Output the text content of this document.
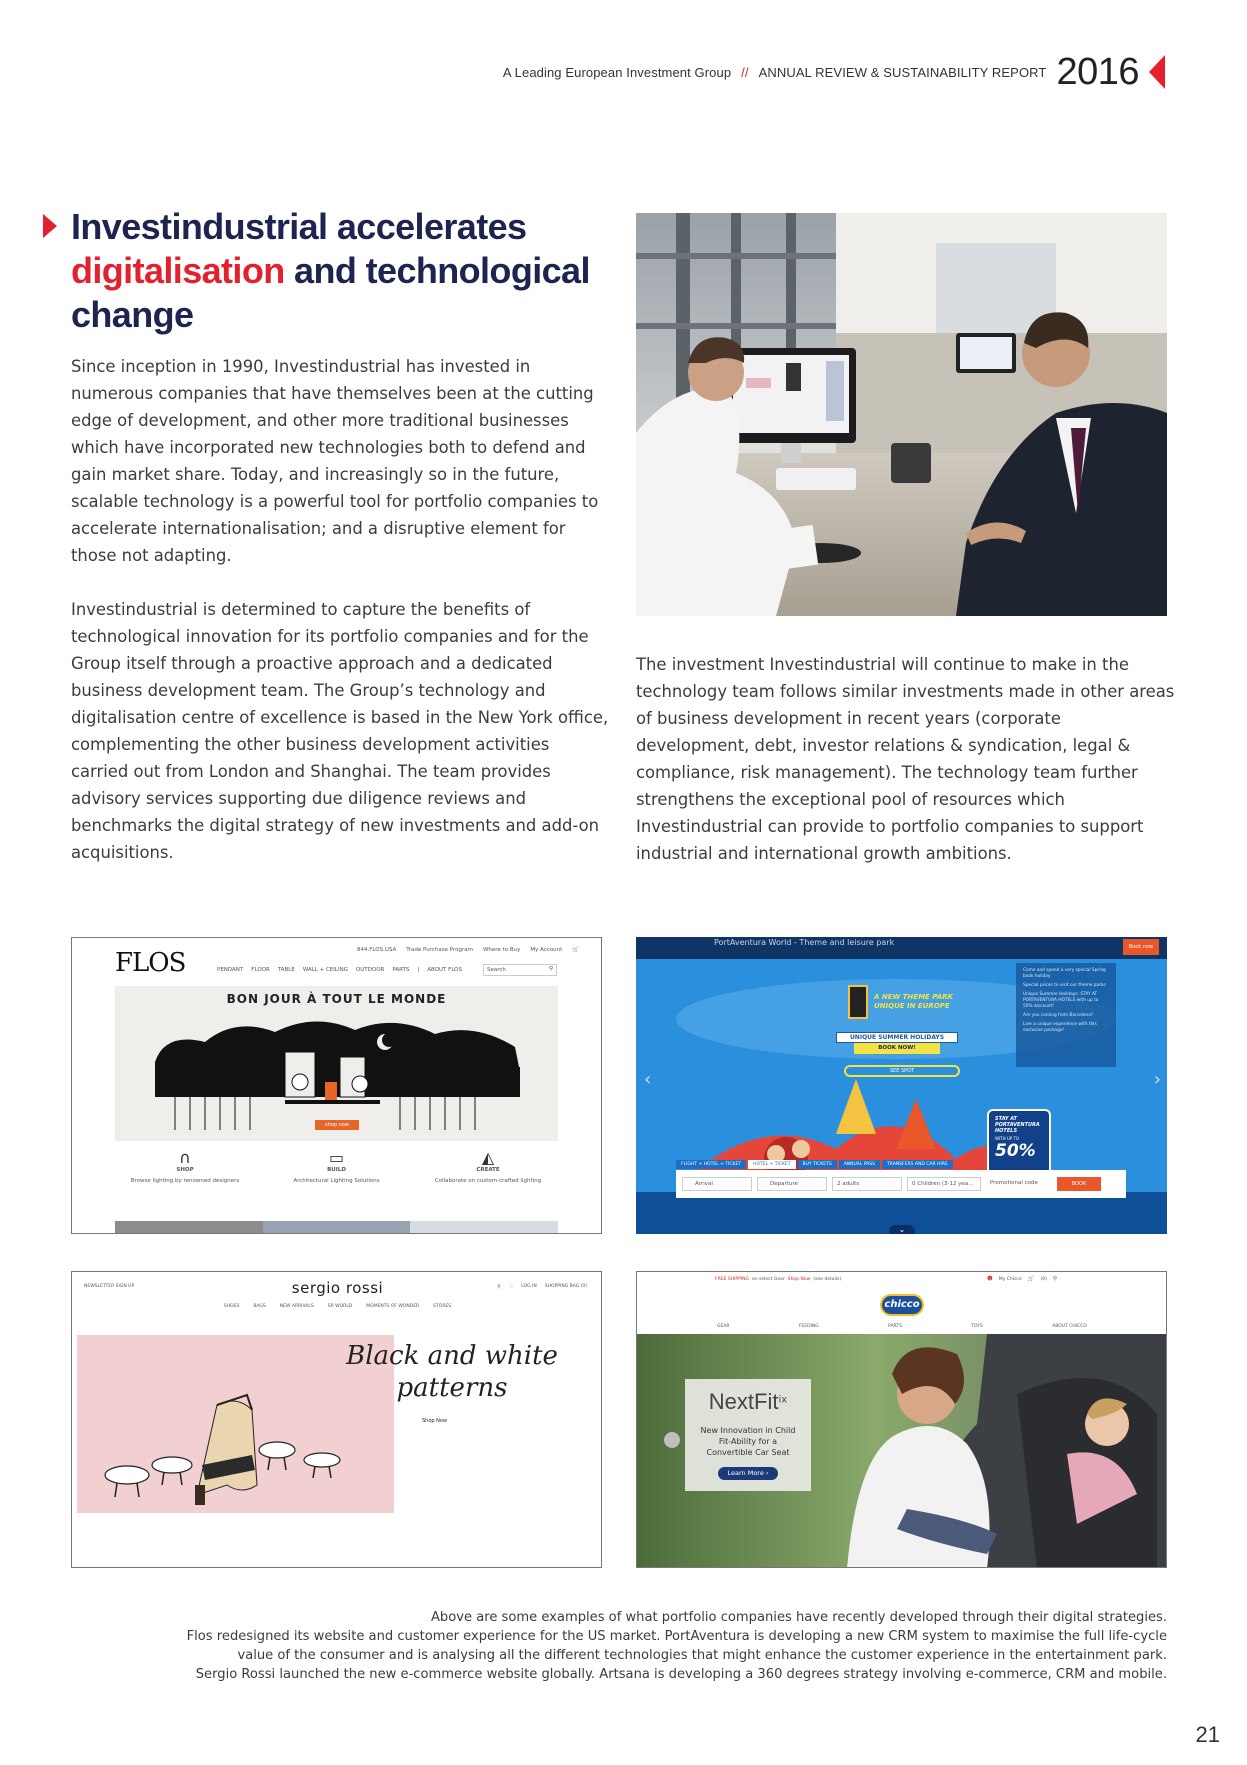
A Leading European Investment Group // ANNUAL REVIEW & SUSTAINABILITY REPORT 2016
Investindustrial accelerates
digitalisation and technological change

Since inception in 1990, Investindustrial has invested in numerous companies that have themselves been at the cutting edge of development, and other more traditional businesses which have incorporated new technologies both to defend and gain market share. Today, and increasingly so in the future, scalable technology is a powerful tool for portfolio companies to accelerate internationalisation; and a disruptive element for those not adapting.

Investindustrial is determined to capture the benefits of technological innovation for its portfolio companies and for the Group itself through a proactive approach and a dedicated business development team. The Group’s technology and digitalisation centre of excellence is based in the New York office, complementing the other business development activities carried out from London and Shanghai. The team provides advisory services supporting due diligence reviews and benchmarks the digital strategy of new investments and add-on acquisitions.

The investment Investindustrial will continue to make in the technology team follows similar investments made in other areas of business development in recent years (corporate development, debt, investor relations & syndication, legal & compliance, risk management). The technology team further strengthens the exceptional pool of resources which Investindustrial can provide to portfolio companies to support industrial and international growth ambitions.

FLOS	844.FLOS.USA Trade Purchase Program Where to Buy My Account 🛒
PENDANT FLOOR TABLE WALL + CEILING OUTDOOR PARTS | ABOUT FLOS	Search	⚲
BON JOUR À TOUT LE MONDE
shop now
∩
SHOP
Browse lighting by renowned designers
▭
BUILD
Architectural Lighting Solutions
◭
CREATE
Collaborate on custom-crafted lighting
PortAventura World - Theme and leisure park	Book now
A NEW THEME PARK UNIQUE IN EUROPE
UNIQUE SUMMER HOLIDAYS
BOOK NOW!
SEE SPOT
Come and spend a very special Spring book holiday
Special prices to visit our theme parks
Unique Summer Holidays: STAY AT PORTAVENTURA HOTELS with up to 50% discount!
Are you coming from Barcelona?
Live a unique experience with this exclusive package!
STAY AT PORTAVENTURA HOTELS
WITH UP TO
50%
‹	›
FLIGHT + HOTEL + TICKET	HOTEL + TICKET	BUY TICKETS	ANNUAL PASS	TRANSFERS AND CAR HIRE
Arrival	Departure	2 adults	0 Children (3-12 yea...	Promotional code	BOOK
⌄
NEWSLETTER SIGN UP	sergio rossi	⚲ ♡ LOG IN SHOPPING BAG (0)
SHOES	BAGS	NEW ARRIVALS	SR WORLD	MOMENTS OF WONDER	STORES
Black and white
patterns
Shop Now
FREE SHIPPING on select Gear Shop Now (see details)	☻ My Chicco 🛒 (0) ⚲
chicco
GEAR	FEEDING	PARTS	TOYS	ABOUT CHICCO
NextFit$^{ix}$
New Innovation in Child Fit-Ability for a Convertible Car Seat
Learn More ›
Above are some examples of what portfolio companies have recently developed through their digital strategies.
Flos redesigned its website and customer experience for the US market. PortAventura is developing a new CRM system to maximise the full life-cycle
value of the consumer and is analysing all the different technologies that might enhance the customer experience in the entertainment park.
Sergio Rossi launched the new e-commerce website globally. Artsana is developing a 360 degrees strategy involving e-commerce, CRM and mobile.
21
